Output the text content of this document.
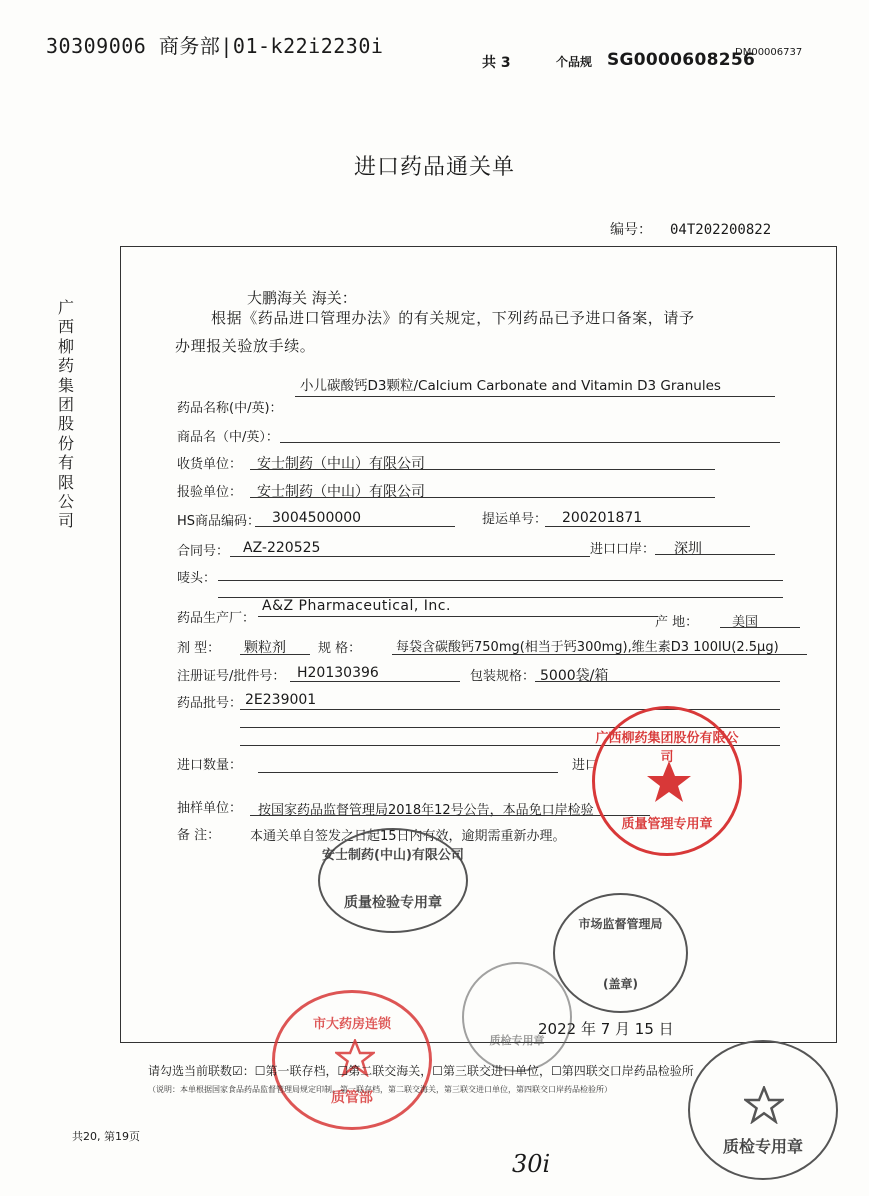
30309006 商务部|01-k22i2230i
共 3	个品规 SG0000608256
DM00006737
进口药品通关单
编号： 04T202200822
广西柳药集团股份有限公司
大鹏海关 海关：
根据《药品进口管理办法》的有关规定，下列药品已予进口备案，请予
办理报关验放手续。
小儿碳酸钙D3颗粒/Calcium Carbonate and Vitamin D3 Granules
药品名称(中/英)：
商品名（中/英）：
收货单位： 安士制药（中山）有限公司
报验单位： 安士制药（中山）有限公司
HS商品编码： 3004500000	提运单号： 200201871
合同号： AZ-220525	进口口岸： 深圳
唛头：
药品生产厂：
A&Z Pharmaceutical, Inc.
产 地：	美国
剂 型： 颗粒剂 规 格：	每袋含碳酸钙750mg(相当于钙300mg),维生素D3 100IU(2.5μg)
注册证号/批件号： H20130396	包装规格： 5000袋/箱
药品批号： 2E239001
进口数量：	进口
抽样单位： 按国家药品监督管理局2018年12号公告，本品免口岸检验
备 注： 本通关单自签发之日起15日内有效，逾期需重新办理。
2022 年 7 月 15 日
广西柳药集团股份有限公司
质量管理专用章
安士制药(中山)有限公司
质量检验专用章
市场监督管理局
(盖章)
质检专用章
市大药房连锁
质管部
质检专用章
请勾选当前联数☑：☐第一联存档，☐第二联交海关，☐第三联交进口单位，☐第四联交口岸药品检验所
（说明：本单根据国家食品药品监督管理局规定印制。第一联存档，第二联交海关，第三联交进口单位，第四联交口岸药品检验所）
共20, 第19页
30i
